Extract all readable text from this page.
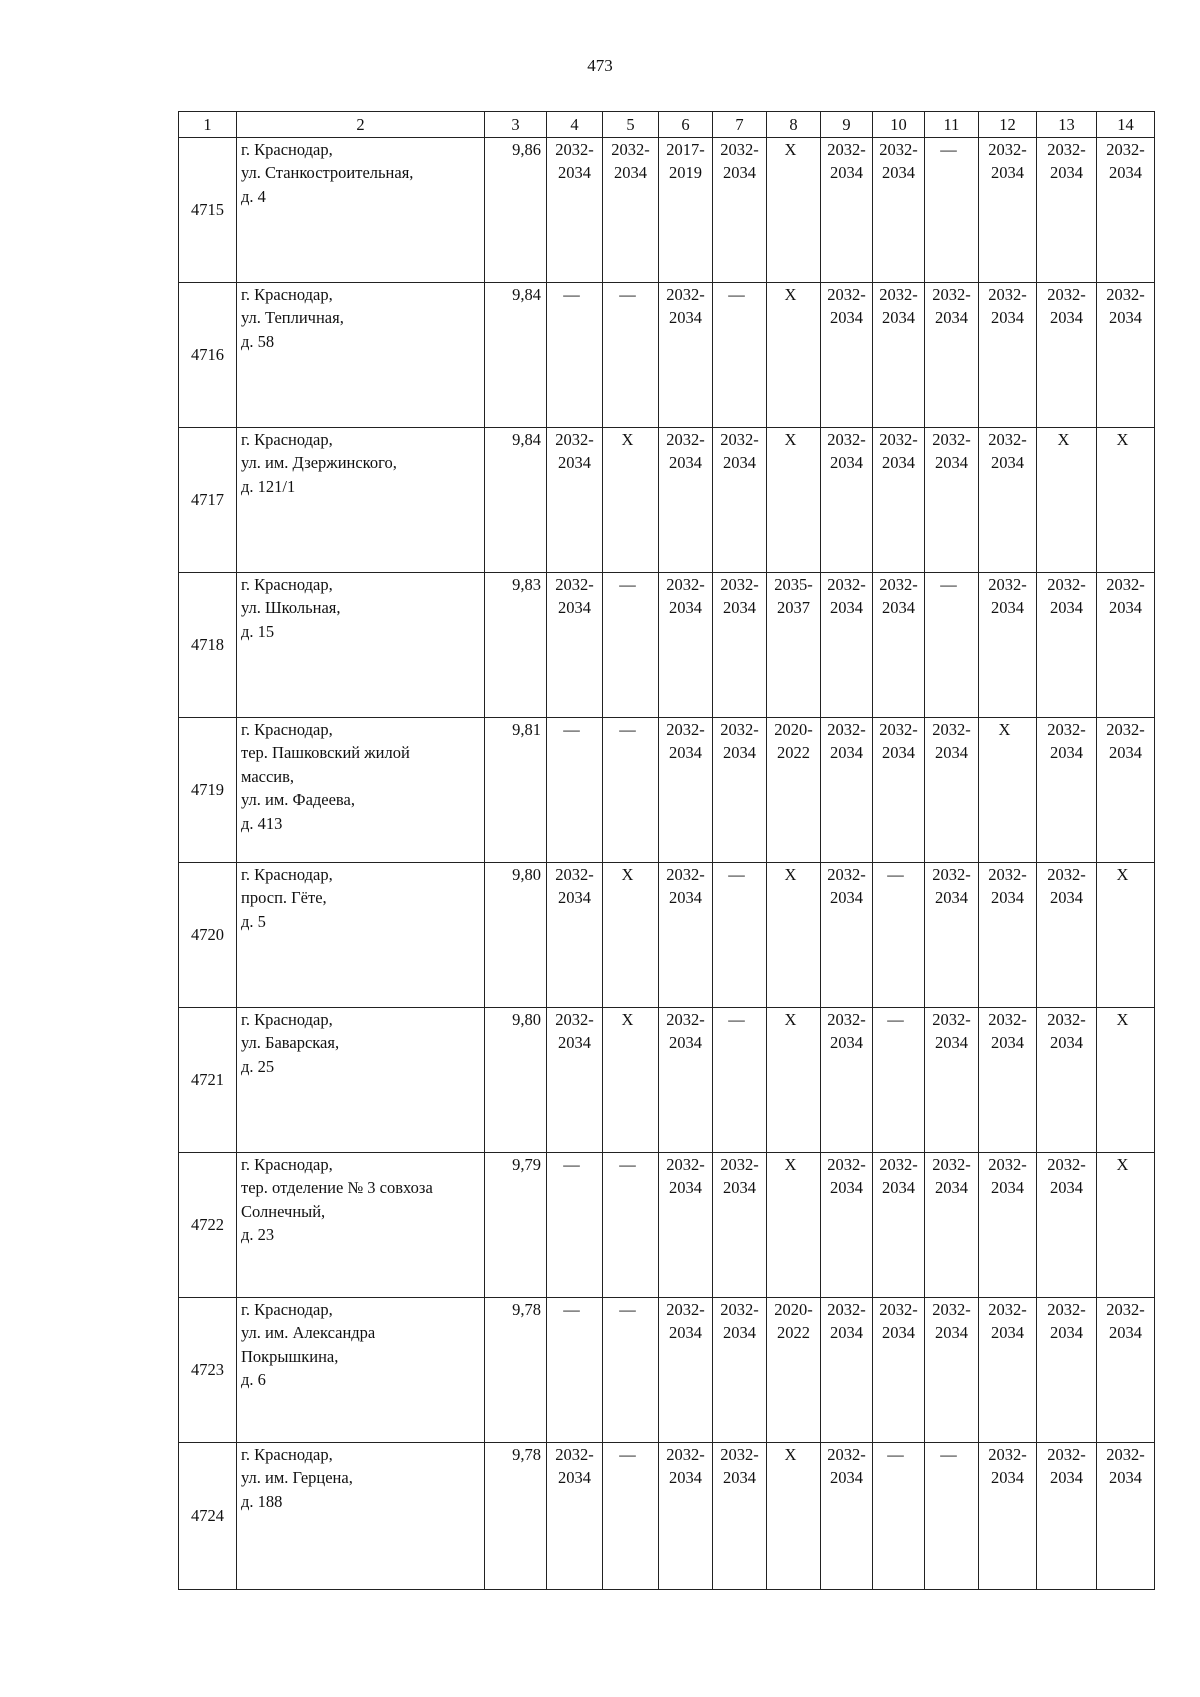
473
1	2	3	4	5	6	7	8	9	10	11	12	13	14
4715	г. Краснодар,
ул. Станкостроительная,
д. 4	9,86	2032-
2034	2032-
2034	2017-
2019	2032-
2034	X	2032-
2034	2032-
2034	—	2032-
2034	2032-
2034	2032-
2034

4716	г. Краснодар,
ул. Тепличная,
д. 58	9,84	—	—	2032-
2034	—	X	2032-
2034	2032-
2034	2032-
2034	2032-
2034	2032-
2034	2032-
2034

4717	г. Краснодар,
ул. им. Дзержинского,
д. 121/1	9,84	2032-
2034	X	2032-
2034	2032-
2034	X	2032-
2034	2032-
2034	2032-
2034	2032-
2034	X	X

4718	г. Краснодар,
ул. Школьная,
д. 15	9,83	2032-
2034	—	2032-
2034	2032-
2034	2035-
2037	2032-
2034	2032-
2034	—	2032-
2034	2032-
2034	2032-
2034

4719	г. Краснодар,
тер. Пашковский жилой
массив,
ул. им. Фадеева,
д. 413	9,81	—	—	2032-
2034	2032-
2034	2020-
2022	2032-
2034	2032-
2034	2032-
2034	X	2032-
2034	2032-
2034

4720	г. Краснодар,
просп. Гёте,
д. 5	9,80	2032-
2034	X	2032-
2034	—	X	2032-
2034	—	2032-
2034	2032-
2034	2032-
2034	X

4721	г. Краснодар,
ул. Баварская,
д. 25	9,80	2032-
2034	X	2032-
2034	—	X	2032-
2034	—	2032-
2034	2032-
2034	2032-
2034	X

4722	г. Краснодар,
тер. отделение № 3 совхоза
Солнечный,
д. 23	9,79	—	—	2032-
2034	2032-
2034	X	2032-
2034	2032-
2034	2032-
2034	2032-
2034	2032-
2034	X

4723	г. Краснодар,
ул. им. Александра
Покрышкина,
д. 6	9,78	—	—	2032-
2034	2032-
2034	2020-
2022	2032-
2034	2032-
2034	2032-
2034	2032-
2034	2032-
2034	2032-
2034

4724	г. Краснодар,
ул. им. Герцена,
д. 188	9,78	2032-
2034	—	2032-
2034	2032-
2034	X	2032-
2034	—	—	2032-
2034	2032-
2034	2032-
2034
